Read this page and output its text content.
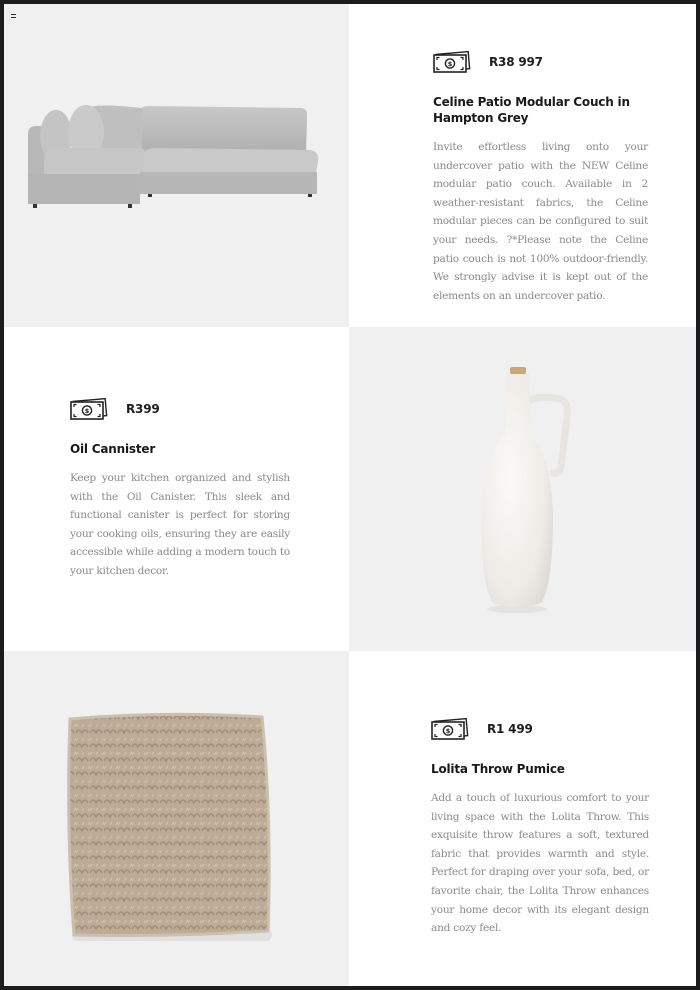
$	R38 997
Celine Patio Modular Couch in Hampton Grey
Invite effortless living onto your undercover patio with the NEW Celine modular patio couch. Available in 2 weather-resistant fabrics, the Celine modular pieces can be configured to suit your needs. ?*Please note the Celine patio couch is not 100% outdoor-friendly. We strongly advise it is kept out of the elements on an undercover patio.
$	R399
Oil Cannister
Keep your kitchen organized and stylish with the Oil Canister. This sleek and functional canister is perfect for storing your cooking oils, ensuring they are easily accessible while adding a modern touch to your kitchen decor.
$	R1 499
Lolita Throw Pumice
Add a touch of luxurious comfort to your living space with the Lolita Throw. This exquisite throw features a soft, textured fabric that provides warmth and style. Perfect for draping over your sofa, bed, or favorite chair, the Lolita Throw enhances your home decor with its elegant design and cozy feel.
